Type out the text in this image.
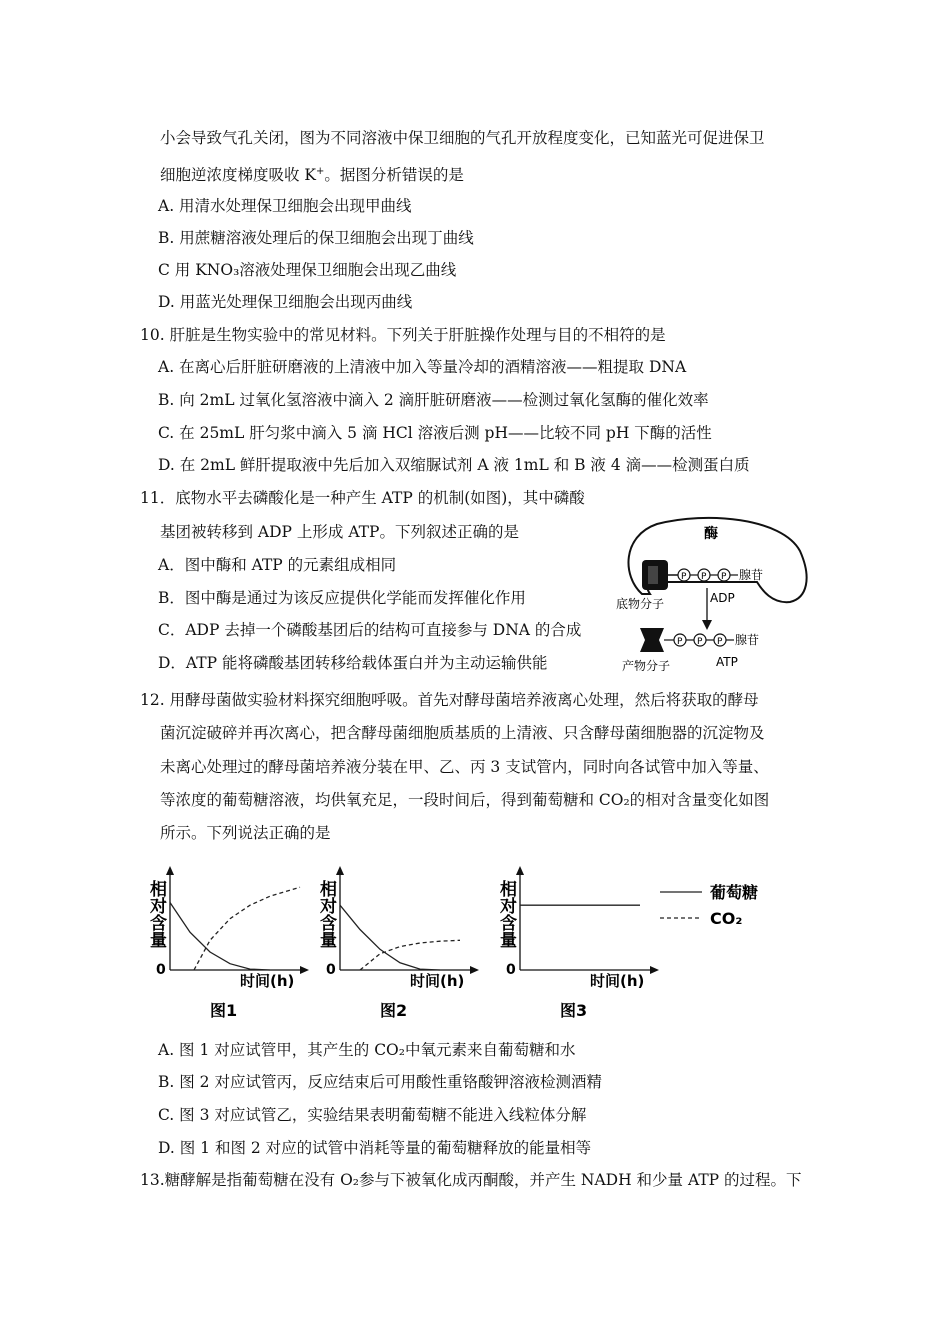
小会导致气孔关闭，图为不同溶液中保卫细胞的气孔开放程度变化，已知蓝光可促进保卫
细胞逆浓度梯度吸收 K+。据图分析错误的是
A. 用清水处理保卫细胞会出现甲曲线
B. 用蔗糖溶液处理后的保卫细胞会出现丁曲线
C 用 KNO₃溶液处理保卫细胞会出现乙曲线
D. 用蓝光处理保卫细胞会出现丙曲线
10. 肝脏是生物实验中的常见材料。下列关于肝脏操作处理与目的不相符的是
A. 在离心后肝脏研磨液的上清液中加入等量冷却的酒精溶液——粗提取 DNA
B. 向 2mL 过氧化氢溶液中滴入 2 滴肝脏研磨液——检测过氧化氢酶的催化效率
C. 在 25mL 肝匀浆中滴入 5 滴 HCl 溶液后测 pH——比较不同 pH 下酶的活性
D. 在 2mL 鲜肝提取液中先后加入双缩脲试剂 A 液 1mL 和 B 液 4 滴——检测蛋白质
11．底物水平去磷酸化是一种产生 ATP 的机制(如图)，其中磷酸
基团被转移到 ADP 上形成 ATP。下列叙述正确的是
A．图中酶和 ATP 的元素组成相同
B．图中酶是通过为该反应提供化学能而发挥催化作用
C．ADP 去掉一个磷酸基团后的结构可直接参与 DNA 的合成
D．ATP 能将磷酸基团转移给载体蛋白并为主动运输供能
酶
P P P 腺苷
底物分子	ADP
P P P 腺苷
产物分子	ATP
12. 用酵母菌做实验材料探究细胞呼吸。首先对酵母菌培养液离心处理，然后将获取的酵母
菌沉淀破碎并再次离心，把含酵母菌细胞质基质的上清液、只含酵母菌细胞器的沉淀物及
未离心处理过的酵母菌培养液分装在甲、乙、丙 3 支试管内，同时向各试管中加入等量、
等浓度的葡萄糖溶液，均供氧充足，一段时间后，得到葡萄糖和 CO₂的相对含量变化如图
所示。下列说法正确的是
相对含量
0
时间(h)
图1
相对含量
0
时间(h)
图2
相对含量
0
时间(h)
图3
葡萄糖
CO₂
A. 图 1 对应试管甲，其产生的 CO₂中氧元素来自葡萄糖和水
B. 图 2 对应试管丙，反应结束后可用酸性重铬酸钾溶液检测酒精
C. 图 3 对应试管乙，实验结果表明葡萄糖不能进入线粒体分解
D. 图 1 和图 2 对应的试管中消耗等量的葡萄糖释放的能量相等
13.糖酵解是指葡萄糖在没有 O₂参与下被氧化成丙酮酸，并产生 NADH 和少量 ATP 的过程。下
